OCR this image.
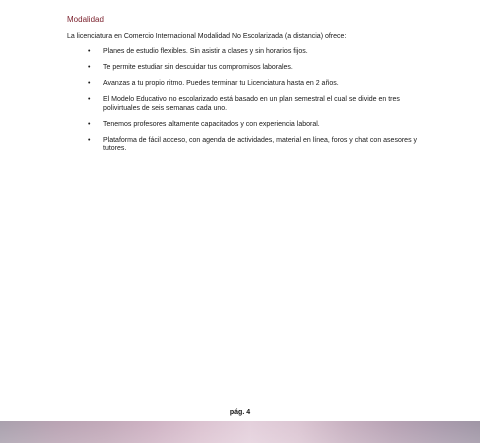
Modalidad
La licenciatura en Comercio Internacional Modalidad No Escolarizada (a distancia) ofrece:
• Planes de estudio flexibles. Sin asistir a clases y sin horarios fijos.
• Te permite estudiar sin descuidar tus compromisos laborales.
• Avanzas a tu propio ritmo. Puedes terminar tu Licenciatura hasta en 2 años.
• El Modelo Educativo no escolarizado está basado en un plan semestral el cual se divide en tres polivirtuales de seis semanas cada uno.
• Tenemos profesores altamente capacitados y con experiencia laboral.
• Plataforma de fácil acceso, con agenda de actividades, material en línea, foros y chat con asesores y tutores.
pág. 4
